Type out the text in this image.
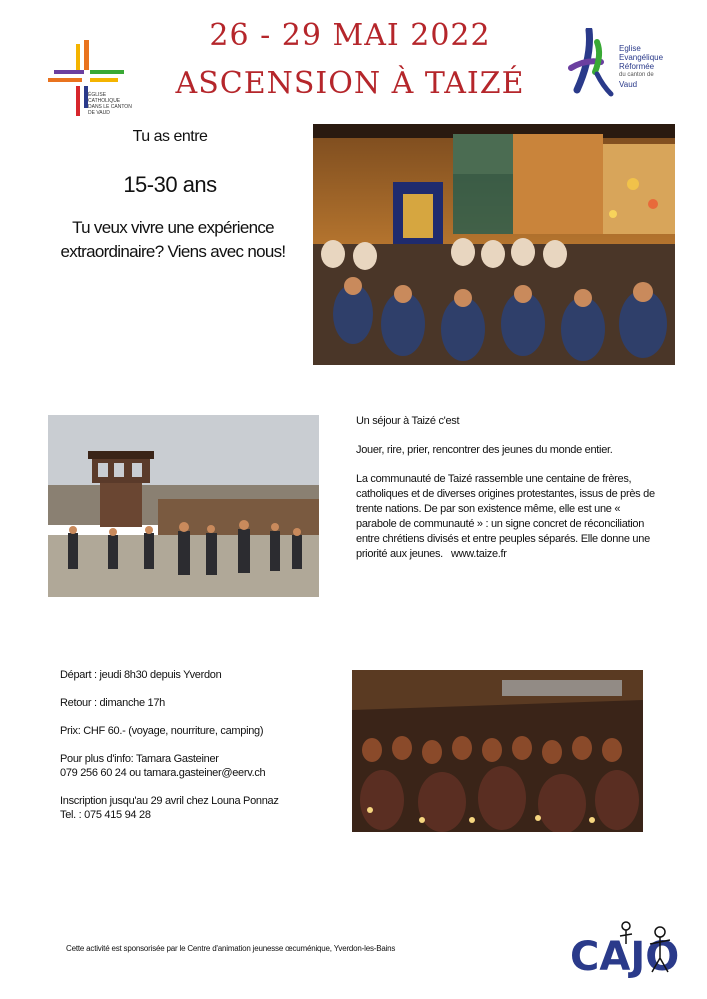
26 - 29 MAI 2022
ASCENSION À TAIZÉ
ÉGLISE
CATHOLIQUE
DANS LE CANTON
DE VAUD
Eglise
Evangélique
Réformée
du canton de
Vaud
Tu as entre
15-30 ans
Tu veux vivre une expérience extraordinaire? Viens avec nous!

Un séjour à Taizé c'est

Jouer, rire, prier, rencontrer des jeunes du monde entier.

La communauté de Taizé rassemble une centaine de frères, catholiques et de diverses origines protestantes, issus de près de trente nations. De par son existence même, elle est une « parabole de communauté » : un signe concret de réconciliation entre chrétiens divisés et entre peuples séparés. Elle donne une priorité aux jeunes. www.taize.fr

Départ : jeudi 8h30 depuis Yverdon

Retour : dimanche 17h

Prix: CHF 60.- (voyage, nourriture, camping)

Pour plus d'info: Tamara Gasteiner
079 256 60 24 ou tamara.gasteiner@eerv.ch

Inscription jusqu'au 29 avril chez Louna Ponnaz
Tel. : 075 415 94 28

Cette activité est sponsorisée par le Centre d'animation jeunesse œcuménique, Yverdon-les-Bains	CAJO
